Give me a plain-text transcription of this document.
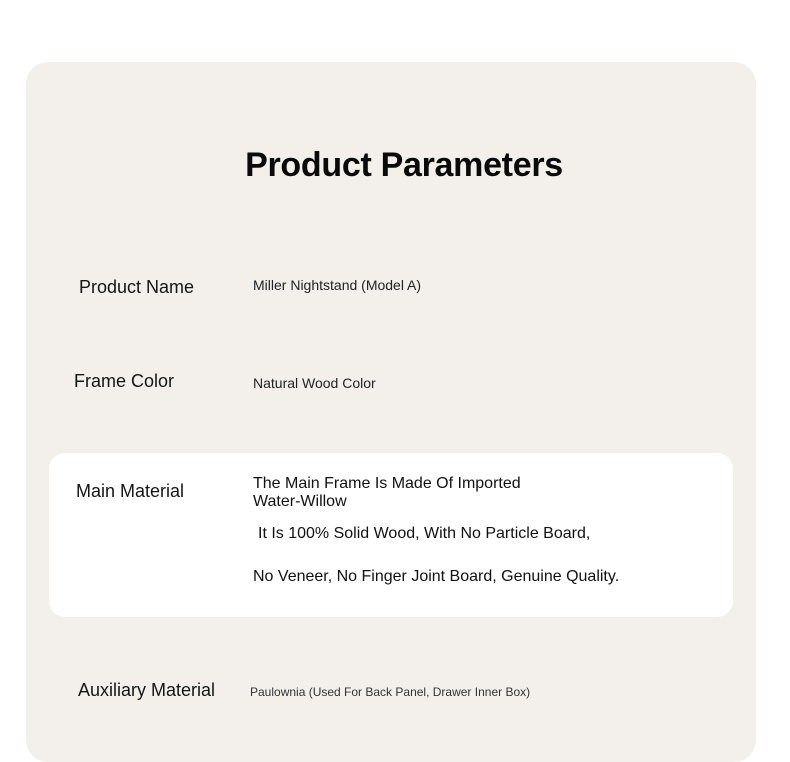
Product Parameters
Product Name	Miller Nightstand (Model A)
Frame Color	Natural Wood Color
Main Material	The Main Frame Is Made Of Imported
Water-Willow
It Is 100% Solid Wood, With No Particle Board,
No Veneer, No Finger Joint Board, Genuine Quality.
Auxiliary Material	Paulownia (Used For Back Panel, Drawer Inner Box)
